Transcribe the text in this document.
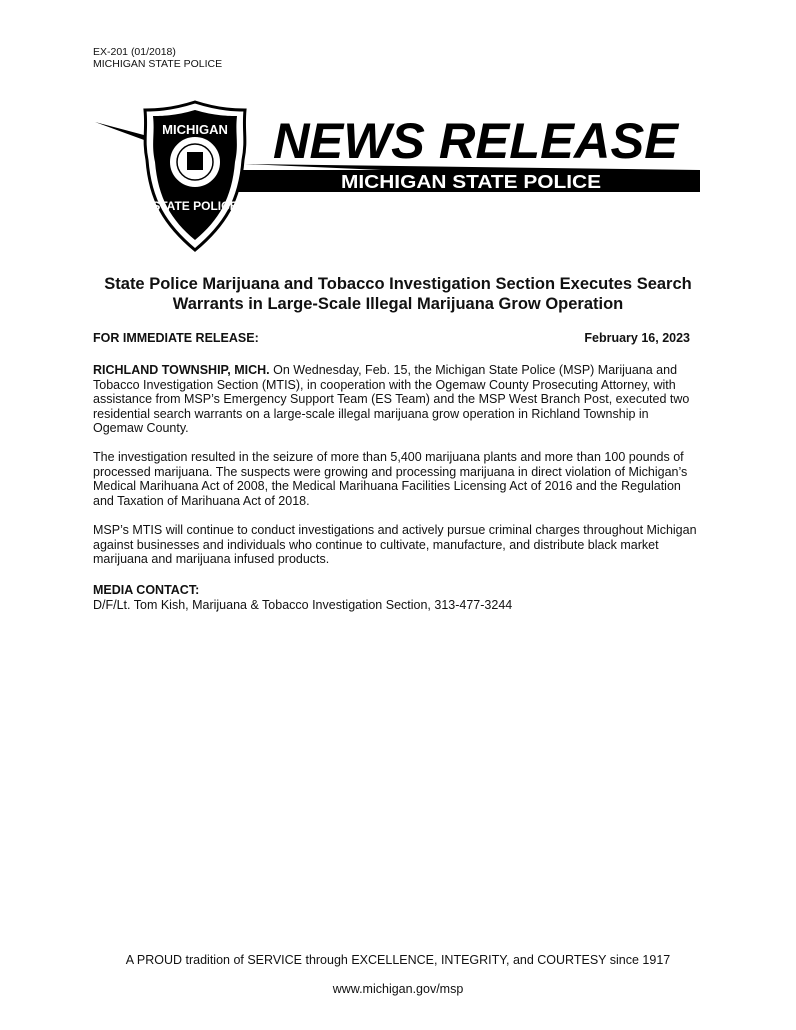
EX-201 (01/2018)
MICHIGAN STATE POLICE
MICHIGAN
STATE POLICE
NEWS RELEASE
MICHIGAN STATE POLICE
State Police Marijuana and Tobacco Investigation Section Executes Search Warrants in Large-Scale Illegal Marijuana Grow Operation
FOR IMMEDIATE RELEASE:	February 16, 2023
RICHLAND TOWNSHIP, MICH. On Wednesday, Feb. 15, the Michigan State Police (MSP) Marijuana and Tobacco Investigation Section (MTIS), in cooperation with the Ogemaw County Prosecuting Attorney, with assistance from MSP’s Emergency Support Team (ES Team) and the MSP West Branch Post, executed two residential search warrants on a large-scale illegal marijuana grow operation in Richland Township in Ogemaw County.
The investigation resulted in the seizure of more than 5,400 marijuana plants and more than 100 pounds of processed marijuana. The suspects were growing and processing marijuana in direct violation of Michigan’s Medical Marihuana Act of 2008, the Medical Marihuana Facilities Licensing Act of 2016 and the Regulation and Taxation of Marihuana Act of 2018.
MSP’s MTIS will continue to conduct investigations and actively pursue criminal charges throughout Michigan against businesses and individuals who continue to cultivate, manufacture, and distribute black market marijuana and marijuana infused products.
MEDIA CONTACT:
D/F/Lt. Tom Kish, Marijuana & Tobacco Investigation Section, 313-477-3244
A PROUD tradition of SERVICE through EXCELLENCE, INTEGRITY, and COURTESY since 1917
www.michigan.gov/msp
